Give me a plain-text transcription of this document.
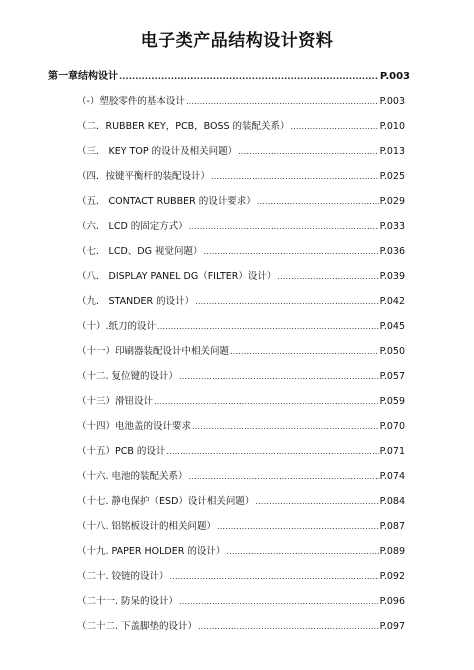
电子类产品结构设计资料
第一章结构设计 .....	P.003
（-）塑胶零件的基本设计 .....	P.003
（二．RUBBER KEY，PCB，BOSS 的装配关系） .....	P.010
（三． KEY TOP 的设计及相关问题） .....	P.013
（四．按键平衡杆的装配设计） .....	P.025
（五． CONTACT RUBBER 的设计要求） .....	P.029
（六． LCD 的固定方式） .....	P.033
（七． LCD、DG 视觉问题） .....	P.036
（八． DISPLAY PANEL DG（FILTER）设计） .....	P.039
（九． STANDER 的设计） .....	P.042
（十）.纸刀的设计 .....	P.045
（十一）印刷器装配设计中相关问题 .....	P.050
（十二. 复位键的设计） .....	P.057
（十三）滑钮设计 .....	P.059
（十四）电池盖的设计要求 .....	P.070
（十五）PCB 的设计 .....	P.071
（十六. 电池的装配关系） .....	P.074
（十七. 静电保护（ESD）设计相关问题） .....	P.084
（十八. 铝铭板设计的相关问题） .....	P.087
（十九. PAPER HOLDER 的设计） .....	P.089
（二十. 铰链的设计） .....	P.092
（二十一. 防呆的设计） .....	P.096
（二十二. 下盖脚垫的设计） .....	P.097
